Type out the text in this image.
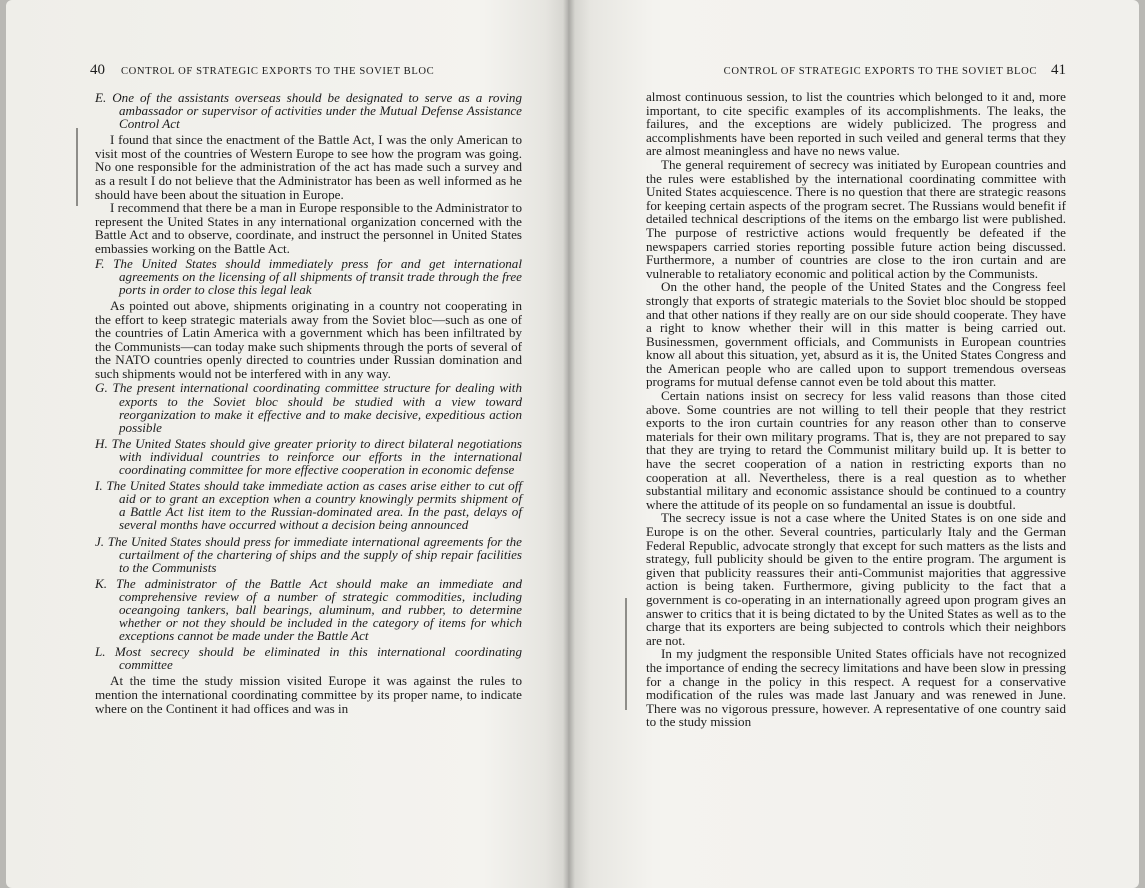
40 CONTROL OF STRATEGIC EXPORTS TO THE SOVIET BLOC

E. One of the assistants overseas should be designated to serve as a roving ambassador or supervisor of activities under the Mutual Defense Assistance Control Act

I found that since the enactment of the Battle Act, I was the only American to visit most of the countries of Western Europe to see how the program was going. No one responsible for the administration of the act has made such a survey and as a result I do not believe that the Administrator has been as well informed as he should have been about the situation in Europe.

I recommend that there be a man in Europe responsible to the Administrator to represent the United States in any international organization concerned with the Battle Act and to observe, coordinate, and instruct the personnel in United States embassies working on the Battle Act.

F. The United States should immediately press for and get international agreements on the licensing of all shipments of transit trade through the free ports in order to close this legal leak

As pointed out above, shipments originating in a country not cooperating in the effort to keep strategic materials away from the Soviet bloc—such as one of the countries of Latin America with a government which has been infiltrated by the Communists—can today make such shipments through the ports of several of the NATO countries openly directed to countries under Russian domination and such shipments would not be interfered with in any way.

G. The present international coordinating committee structure for dealing with exports to the Soviet bloc should be studied with a view toward reorganization to make it effective and to make decisive, expeditious action possible

H. The United States should give greater priority to direct bilateral negotiations with individual countries to reinforce our efforts in the international coordinating committee for more effective cooperation in economic defense

I. The United States should take immediate action as cases arise either to cut off aid or to grant an exception when a country knowingly permits shipment of a Battle Act list item to the Russian-dominated area. In the past, delays of several months have occurred without a decision being announced

J. The United States should press for immediate international agreements for the curtailment of the chartering of ships and the supply of ship repair facilities to the Communists

K. The administrator of the Battle Act should make an immediate and comprehensive review of a number of strategic commodities, including oceangoing tankers, ball bearings, aluminum, and rubber, to determine whether or not they should be included in the category of items for which exceptions cannot be made under the Battle Act

L. Most secrecy should be eliminated in this international coordinating committee

At the time the study mission visited Europe it was against the rules to mention the international coordinating committee by its proper name, to indicate where on the Continent it had offices and was in

CONTROL OF STRATEGIC EXPORTS TO THE SOVIET BLOC 41

almost continuous session, to list the countries which belonged to it and, more important, to cite specific examples of its accomplishments. The leaks, the failures, and the exceptions are widely publicized. The progress and accomplishments have been reported in such veiled and general terms that they are almost meaningless and have no news value.

The general requirement of secrecy was initiated by European countries and the rules were established by the international coordinating committee with United States acquiescence. There is no question that there are strategic reasons for keeping certain aspects of the program secret. The Russians would benefit if detailed technical descriptions of the items on the embargo list were published. The purpose of restrictive actions would frequently be defeated if the newspapers carried stories reporting possible future action being discussed. Furthermore, a number of countries are close to the iron curtain and are vulnerable to retaliatory economic and political action by the Communists.

On the other hand, the people of the United States and the Congress feel strongly that exports of strategic materials to the Soviet bloc should be stopped and that other nations if they really are on our side should cooperate. They have a right to know whether their will in this matter is being carried out. Businessmen, government officials, and Communists in European countries know all about this situation, yet, absurd as it is, the United States Congress and the American people who are called upon to support tremendous overseas programs for mutual defense cannot even be told about this matter.

Certain nations insist on secrecy for less valid reasons than those cited above. Some countries are not willing to tell their people that they restrict exports to the iron curtain countries for any reason other than to conserve materials for their own military programs. That is, they are not prepared to say that they are trying to retard the Communist military build up. It is better to have the secret cooperation of a nation in restricting exports than no cooperation at all. Nevertheless, there is a real question as to whether substantial military and economic assistance should be continued to a country where the attitude of its people on so fundamental an issue is doubtful.

The secrecy issue is not a case where the United States is on one side and Europe is on the other. Several countries, particularly Italy and the German Federal Republic, advocate strongly that except for such matters as the lists and strategy, full publicity should be given to the entire program. The argument is given that publicity reassures their anti-Communist majorities that aggressive action is being taken. Furthermore, giving publicity to the fact that a government is co-operating in an internationally agreed upon program gives an answer to critics that it is being dictated to by the United States as well as to the charge that its exporters are being subjected to controls which their neighbors are not.

In my judgment the responsible United States officials have not recognized the importance of ending the secrecy limitations and have been slow in pressing for a change in the policy in this respect. A request for a conservative modification of the rules was made last January and was renewed in June. There was no vigorous pressure, however. A representative of one country said to the study mission
